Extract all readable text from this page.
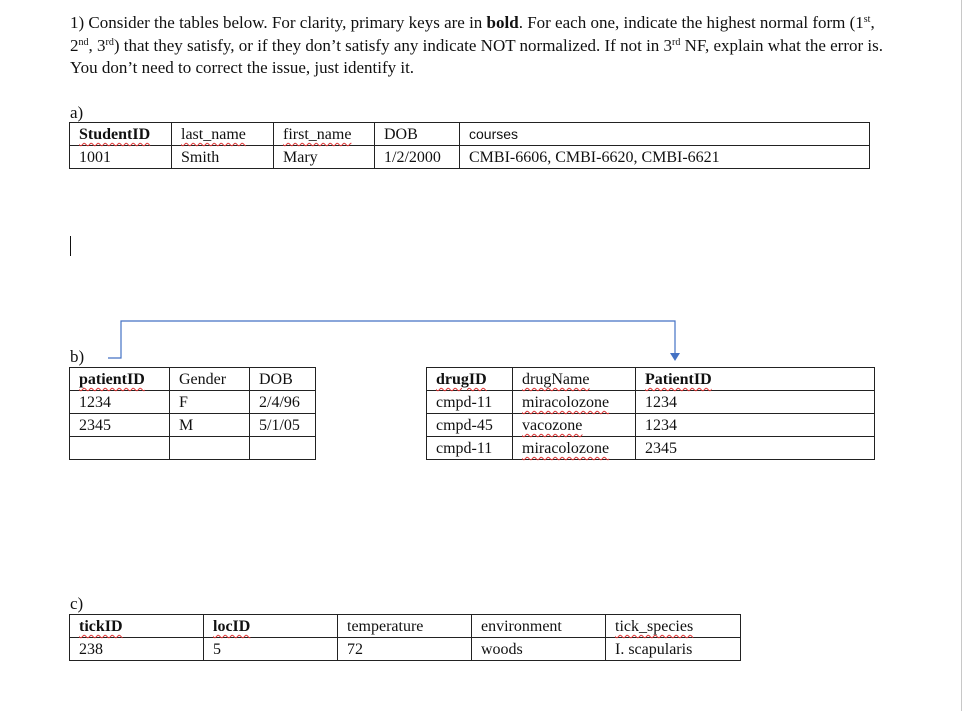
1) Consider the tables below. For clarity, primary keys are in bold. For each one, indicate the highest normal form (1st, 2nd, 3rd) that they satisfy, or if they don’t satisfy any indicate NOT normalized. If not in 3rd NF, explain what the error is. You don’t need to correct the issue, just identify it.
a)
StudentID	last_name	first_name	DOB	courses
1001	Smith	Mary	1/2/2000	CMBI-6606, CMBI-6620, CMBI-6621
b)
patientID	Gender	DOB
1234	F	2/4/96
2345	M	5/1/05

drugID	drugName	PatientID
cmpd-11	miracolozone	1234
cmpd-45	vacozone	1234
cmpd-11	miracolozone	2345
c)
tickID	locID	temperature	environment	tick_species
238	5	72	woods	I. scapularis
